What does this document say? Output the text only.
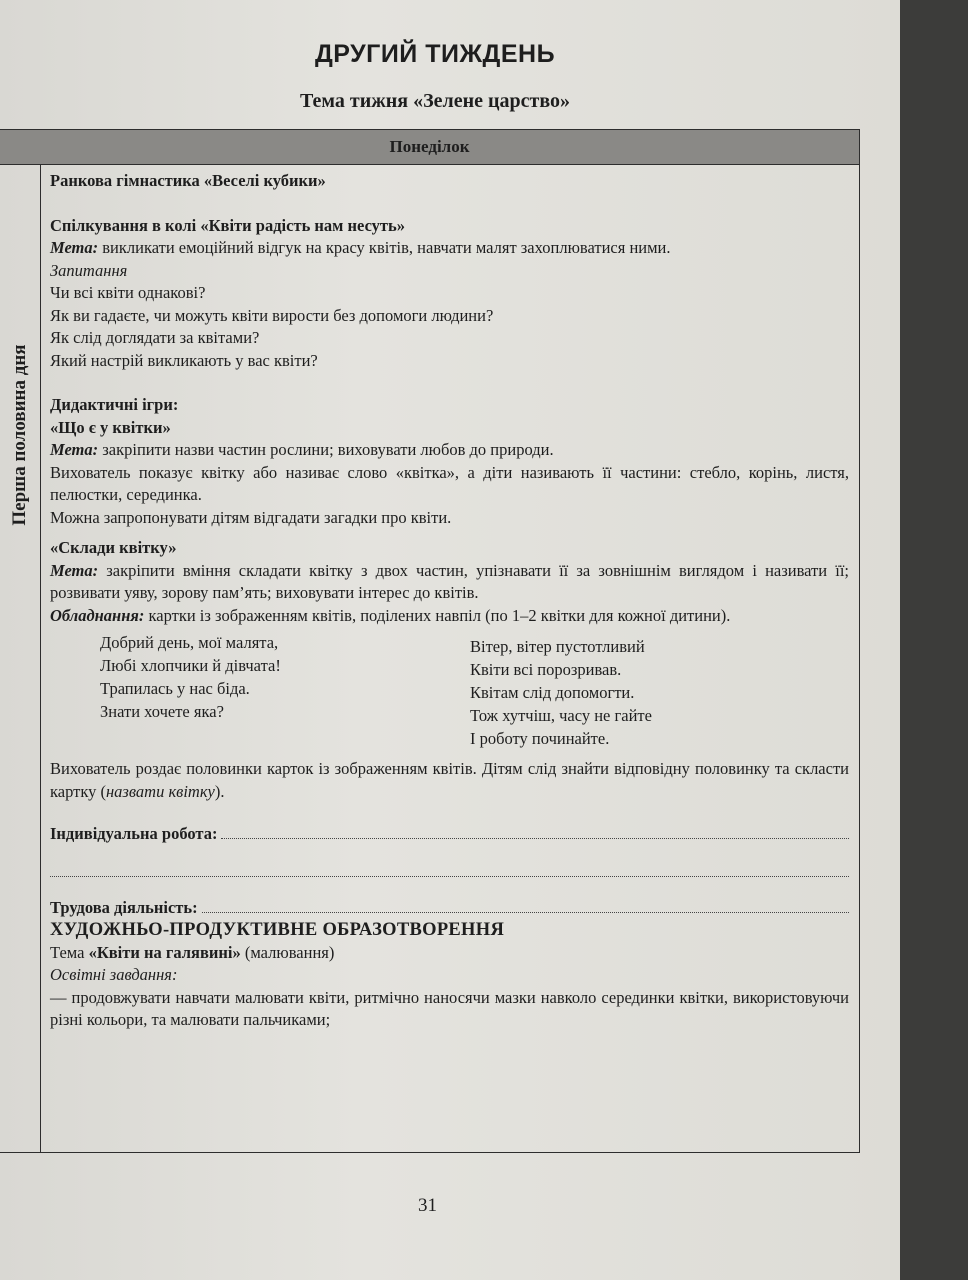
ДРУГИЙ ТИЖДЕНЬ
Тема тижня «Зелене царство»
Понеділок
Перша половина дня

Ранкова гімнастика «Веселі кубики»

Спілкування в колі «Квіти радість нам несуть»

Мета: викликати емоційний відгук на красу квітів, навчати малят захоплюватися ними.

Запитання

Чи всі квіти однакові?

Як ви гадаєте, чи можуть квіти вирости без допомоги людини?

Як слід доглядати за квітами?

Який настрій викликають у вас квіти?

Дидактичні ігри:

«Що є у квітки»

Мета: закріпити назви частин рослини; виховувати любов до природи.

Вихователь показує квітку або називає слово «квітка», а діти називають її частини: стебло, корінь, листя, пелюстки, серединка.

Можна запропонувати дітям відгадати загадки про квіти.

«Склади квітку»

Мета: закріпити вміння складати квітку з двох частин, упізнавати її за зовнішнім виглядом і називати її; розвивати уяву, зорову пам’ять; виховувати інтерес до квітів.

Обладнання: картки із зображенням квітів, поділених навпіл (по 1–2 квітки для кожної дитини).

Добрий день, мої малята,
Любі хлопчики й дівчата!
Трапилась у нас біда.
Знати хочете яка?
Вітер, вітер пустотливий
Квіти всі порозривав.
Квітам слід допомогти.
Тож хутчіш, часу не гайте
І роботу починайте.

Вихователь роздає половинки карток із зображенням квітів. Дітям слід знайти відповідну половинку та скласти картку (назвати квітку).

Індивідуальна робота:
Трудова діяльність:

ХУДОЖНЬО-ПРОДУКТИВНЕ ОБРАЗОТВОРЕННЯ

Тема «Квіти на галявині» (малювання)

Освітні завдання:

— продовжувати навчати малювати квіти, ритмічно наносячи мазки навколо серединки квітки, використовуючи різні кольори, та малювати пальчиками;

31
